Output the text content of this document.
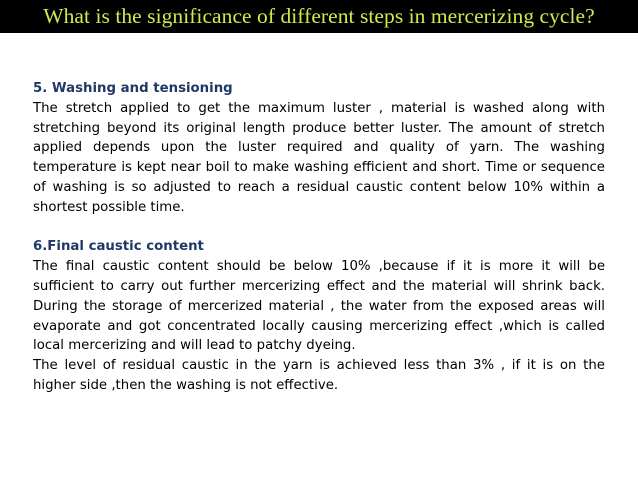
What is the significance of different steps in mercerizing cycle?

5. Washing and tensioning

The stretch applied to get the maximum luster , material is washed along with stretching beyond its original length produce better luster. The amount of stretch applied depends upon the luster required and quality of yarn. The washing temperature is kept near boil to make washing efficient and short. Time or sequence of washing is so adjusted to reach a residual caustic content below 10% within a shortest possible time.

6.Final caustic content

The final caustic content should be below 10% ,because if it is more it will be sufficient to carry out further mercerizing effect and the material will shrink back. During the storage of mercerized material , the water from the exposed areas will evaporate and got concentrated locally causing mercerizing effect ,which is called local mercerizing and will lead to patchy dyeing.

The level of residual caustic in the yarn is achieved less than 3% , if it is on the higher side ,then the washing is not effective.
